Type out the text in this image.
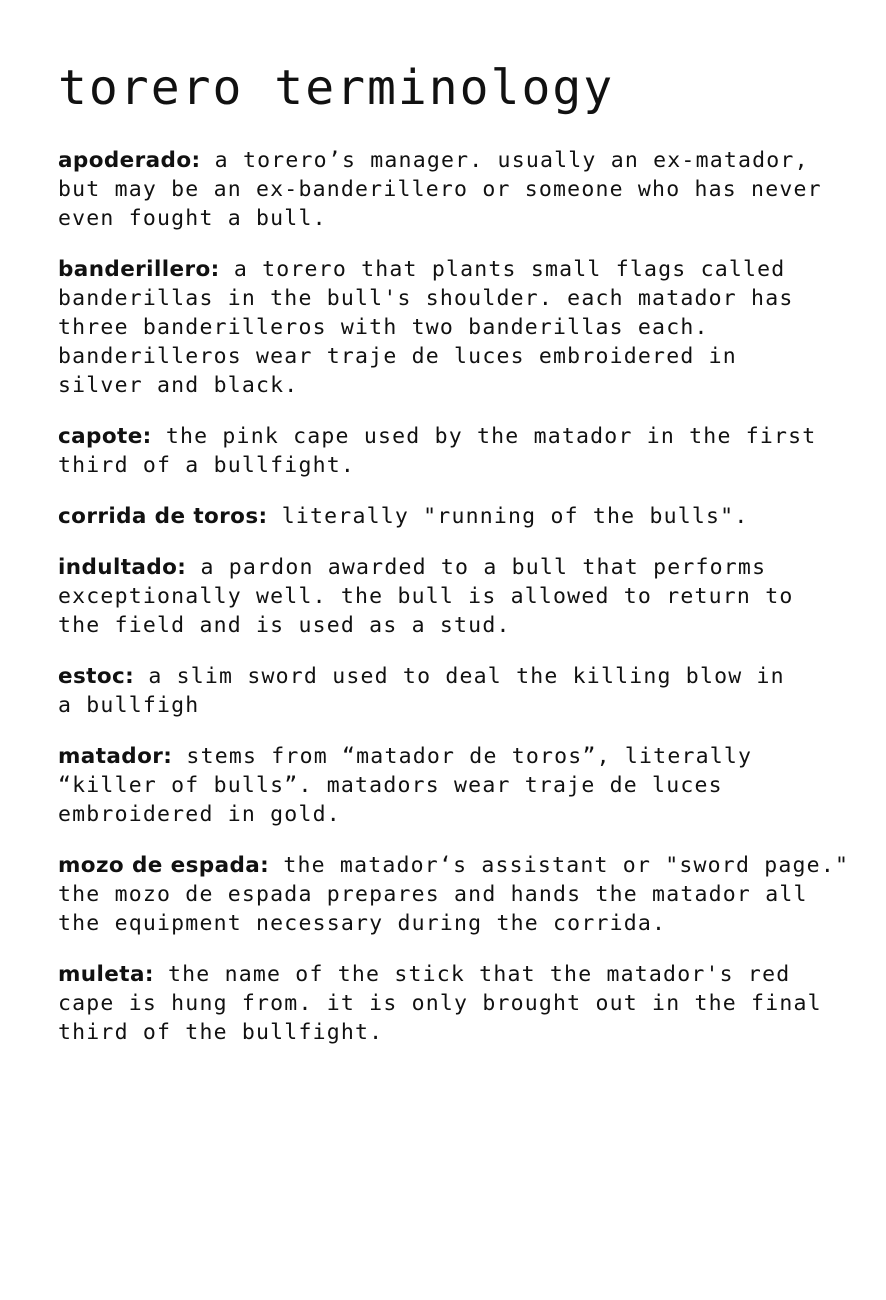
torero terminology
apoderado: a torero’s manager. usually an ex-matador,
but may be an ex-banderillero or someone who has never
even fought a bull.
banderillero: a torero that plants small flags called
banderillas in the bull's shoulder. each matador has
three banderilleros with two banderillas each.
banderilleros wear traje de luces embroidered in
silver and black.
capote: the pink cape used by the matador in the first
third of a bullfight.
corrida de toros: literally "running of the bulls".
indultado: a pardon awarded to a bull that performs
exceptionally well. the bull is allowed to return to
the field and is used as a stud.
estoc: a slim sword used to deal the killing blow in
a bullfigh
matador: stems from “matador de toros”, literally
“killer of bulls”. matadors wear traje de luces
embroidered in gold.
mozo de espada: the matador‘s assistant or "sword page."
the mozo de espada prepares and hands the matador all
the equipment necessary during the corrida.
muleta: the name of the stick that the matador's red
cape is hung from. it is only brought out in the final
third of the bullfight.
